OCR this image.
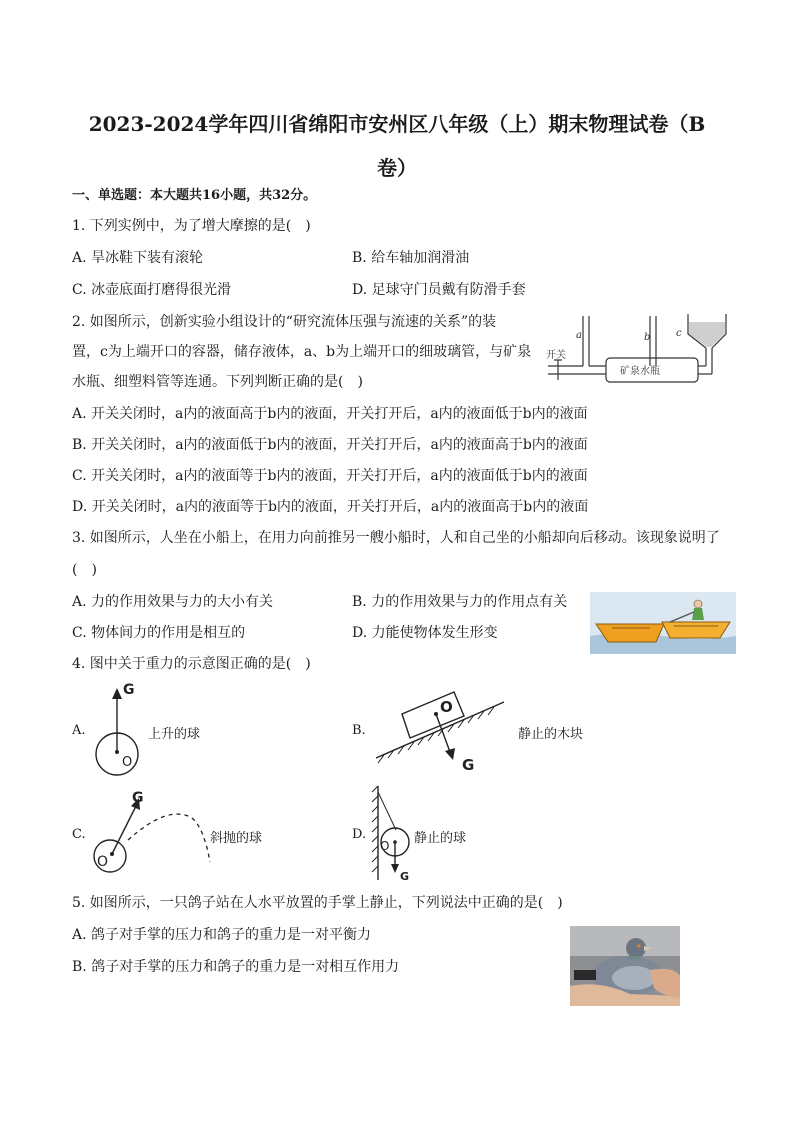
2023-2024学年四川省绵阳市安州区八年级（上）期末物理试卷（B
卷）
一、单选题：本大题共16小题，共32分。
1. 下列实例中，为了增大摩擦的是(　)
A. 旱冰鞋下装有滚轮	B. 给车轴加润滑油
C. 冰壶底面打磨得很光滑	D. 足球守门员戴有防滑手套
2. 如图所示，创新实验小组设计的“研究流体压强与流速的关系”的装
置，c为上端开口的容器，储存液体，a、b为上端开口的细玻璃管，与矿泉
水瓶、细塑料管等连通。下列判断正确的是(　)
a	b	c
开关
矿泉水瓶
A. 开关关闭时，a内的液面高于b内的液面，开关打开后，a内的液面低于b内的液面
B. 开关关闭时，a内的液面低于b内的液面，开关打开后，a内的液面高于b内的液面
C. 开关关闭时，a内的液面等于b内的液面，开关打开后，a内的液面低于b内的液面
D. 开关关闭时，a内的液面等于b内的液面，开关打开后，a内的液面高于b内的液面
3. 如图所示，人坐在小船上，在用力向前推另一艘小船时，人和自己坐的小船却向后移动。该现象说明了
(　)
A. 力的作用效果与力的大小有关	B. 力的作用效果与力的作用点有关
C. 物体间力的作用是相互的	D. 力能使物体发生形变
4. 图中关于重力的示意图正确的是(　)
A.
G
O
上升的球	B.
O
G
静止的木块
C.
G
O
斜抛的球	D.
O
G
静止的球
5. 如图所示，一只鸽子站在人水平放置的手掌上静止，下列说法中正确的是(　)
A. 鸽子对手掌的压力和鸽子的重力是一对平衡力
B. 鸽子对手掌的压力和鸽子的重力是一对相互作用力
